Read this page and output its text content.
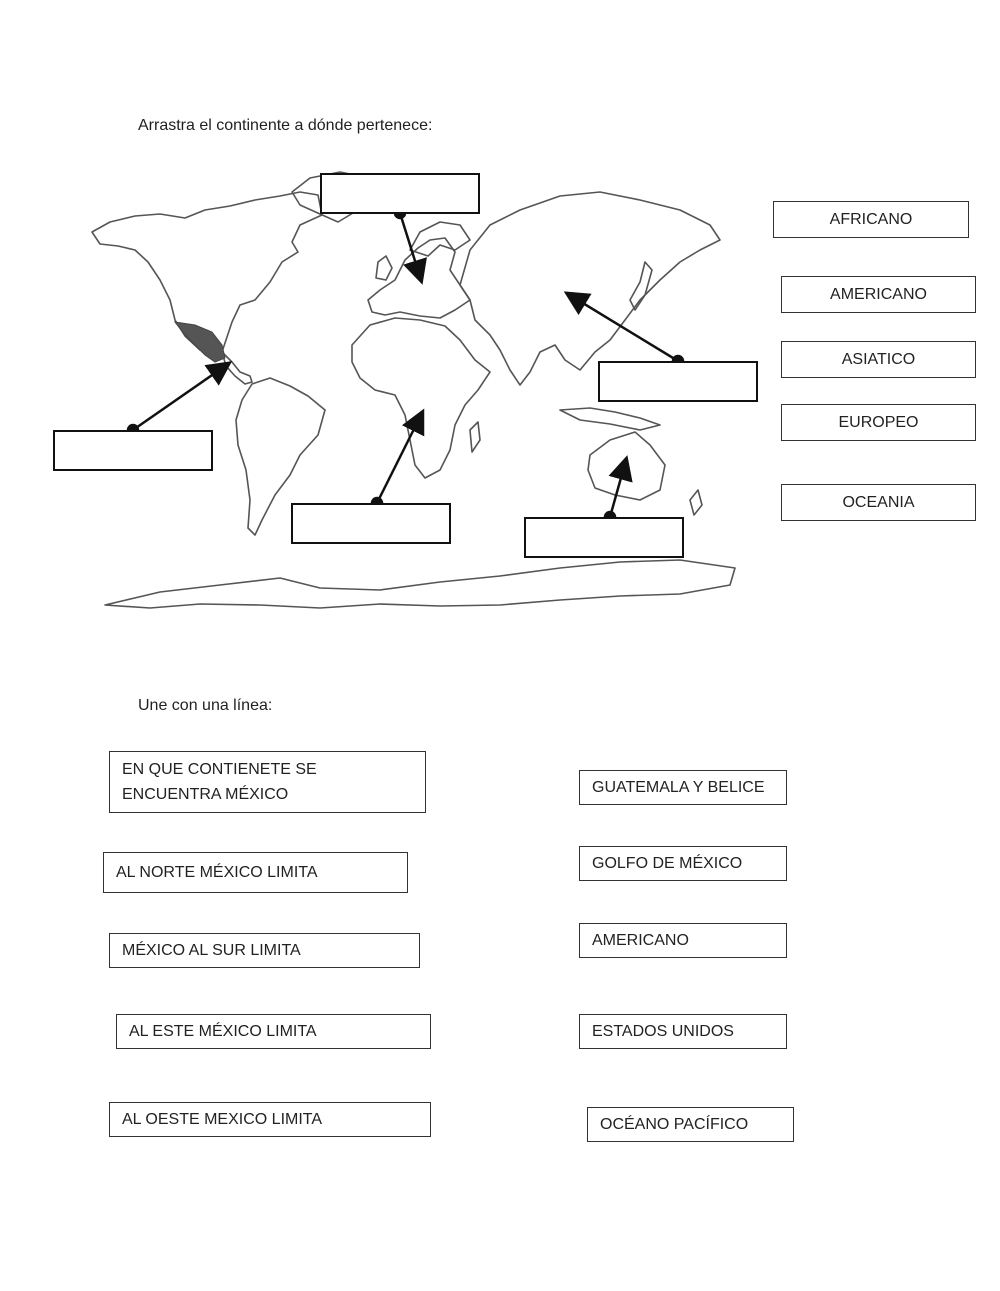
Arrastra el continente a dónde pertenece:
AFRICANO
AMERICANO
ASIATICO
EUROPEO
OCEANIA
Une con una línea:
EN QUE CONTIENETE SE ENCUENTRA MÉXICO
AL NORTE MÉXICO LIMITA
MÉXICO AL SUR LIMITA
AL ESTE MÉXICO LIMITA
AL OESTE MEXICO LIMITA
GUATEMALA Y BELICE
GOLFO DE MÉXICO
AMERICANO
ESTADOS UNIDOS
OCÉANO PACÍFICO
